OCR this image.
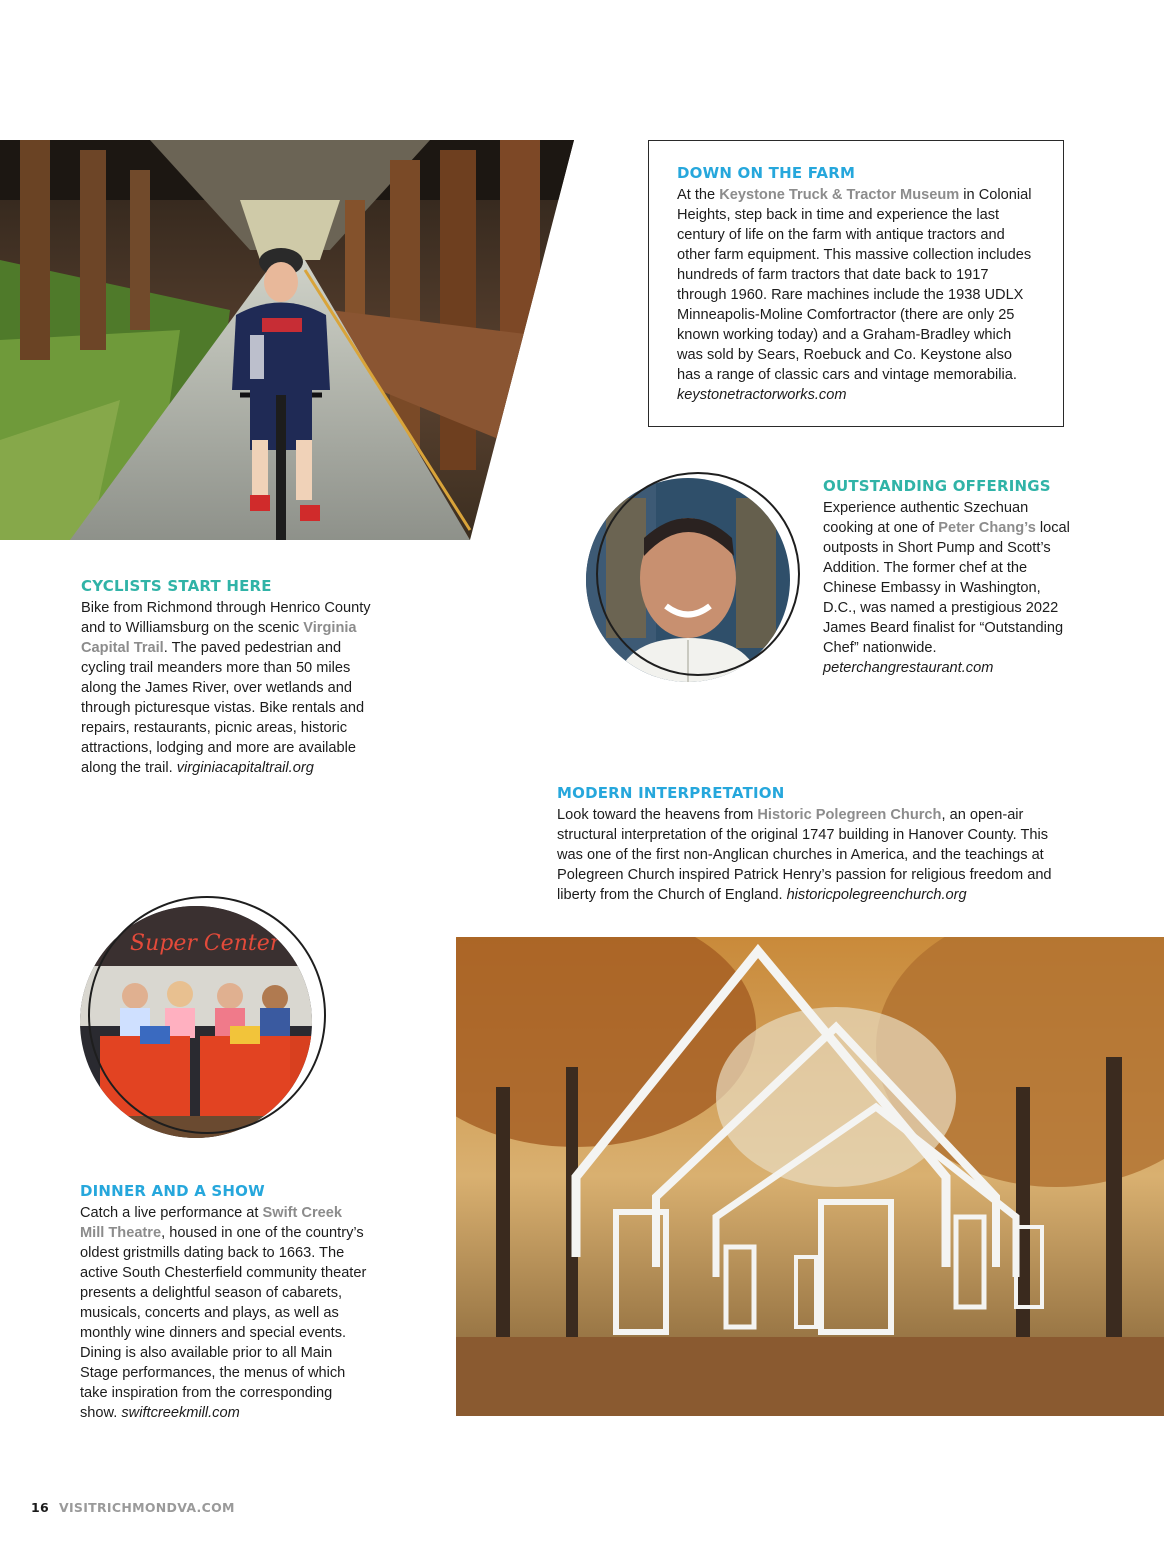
DOWN ON THE FARM

At the Keystone Truck & Tractor Museum in Colonial Heights, step back in time and experience the last century of life on the farm with antique tractors and other farm equipment. This massive collection includes hundreds of farm tractors that date back to 1917 through 1960. Rare machines include the 1938 UDLX Minneapolis-Moline Comfortractor (there are only 25 known working today) and a Graham-Bradley which was sold by Sears, Roebuck and Co. Keystone also has a range of classic cars and vintage memorabilia. keystonetractorworks.com

OUTSTANDING OFFERINGS

Experience authentic Szechuan cooking at one of Peter Chang’s local outposts in Short Pump and Scott’s Addition. The former chef at the Chinese Embassy in Washington, D.C., was named a prestigious 2022 James Beard finalist for “Outstanding Chef” nationwide. peterchangrestaurant.com

CYCLISTS START HERE

Bike from Richmond through Henrico County and to Williamsburg on the scenic Virginia Capital Trail. The paved pedestrian and cycling trail meanders more than 50 miles along the James River, over wetlands and through picturesque vistas. Bike rentals and repairs, restaurants, picnic areas, historic attractions, lodging and more are available along the trail. virginiacapitaltrail.org

MODERN INTERPRETATION

Look toward the heavens from Historic Polegreen Church, an open-air structural interpretation of the original 1747 building in Hanover County. This was one of the first non-Anglican churches in America, and the teachings at Polegreen Church inspired Patrick Henry’s passion for religious freedom and liberty from the Church of England. historicpolegreenchurch.org

Super Center
DINNER AND A SHOW

Catch a live performance at Swift Creek Mill Theatre, housed in one of the country’s oldest gristmills dating back to 1663. The active South Chesterfield community theater presents a delightful season of cabarets, musicals, concerts and plays, as well as monthly wine dinners and special events. Dining is also available prior to all Main Stage performances, the menus of which take inspiration from the corresponding show. swiftcreekmill.com

16 VISITRICHMONDVA.COM
